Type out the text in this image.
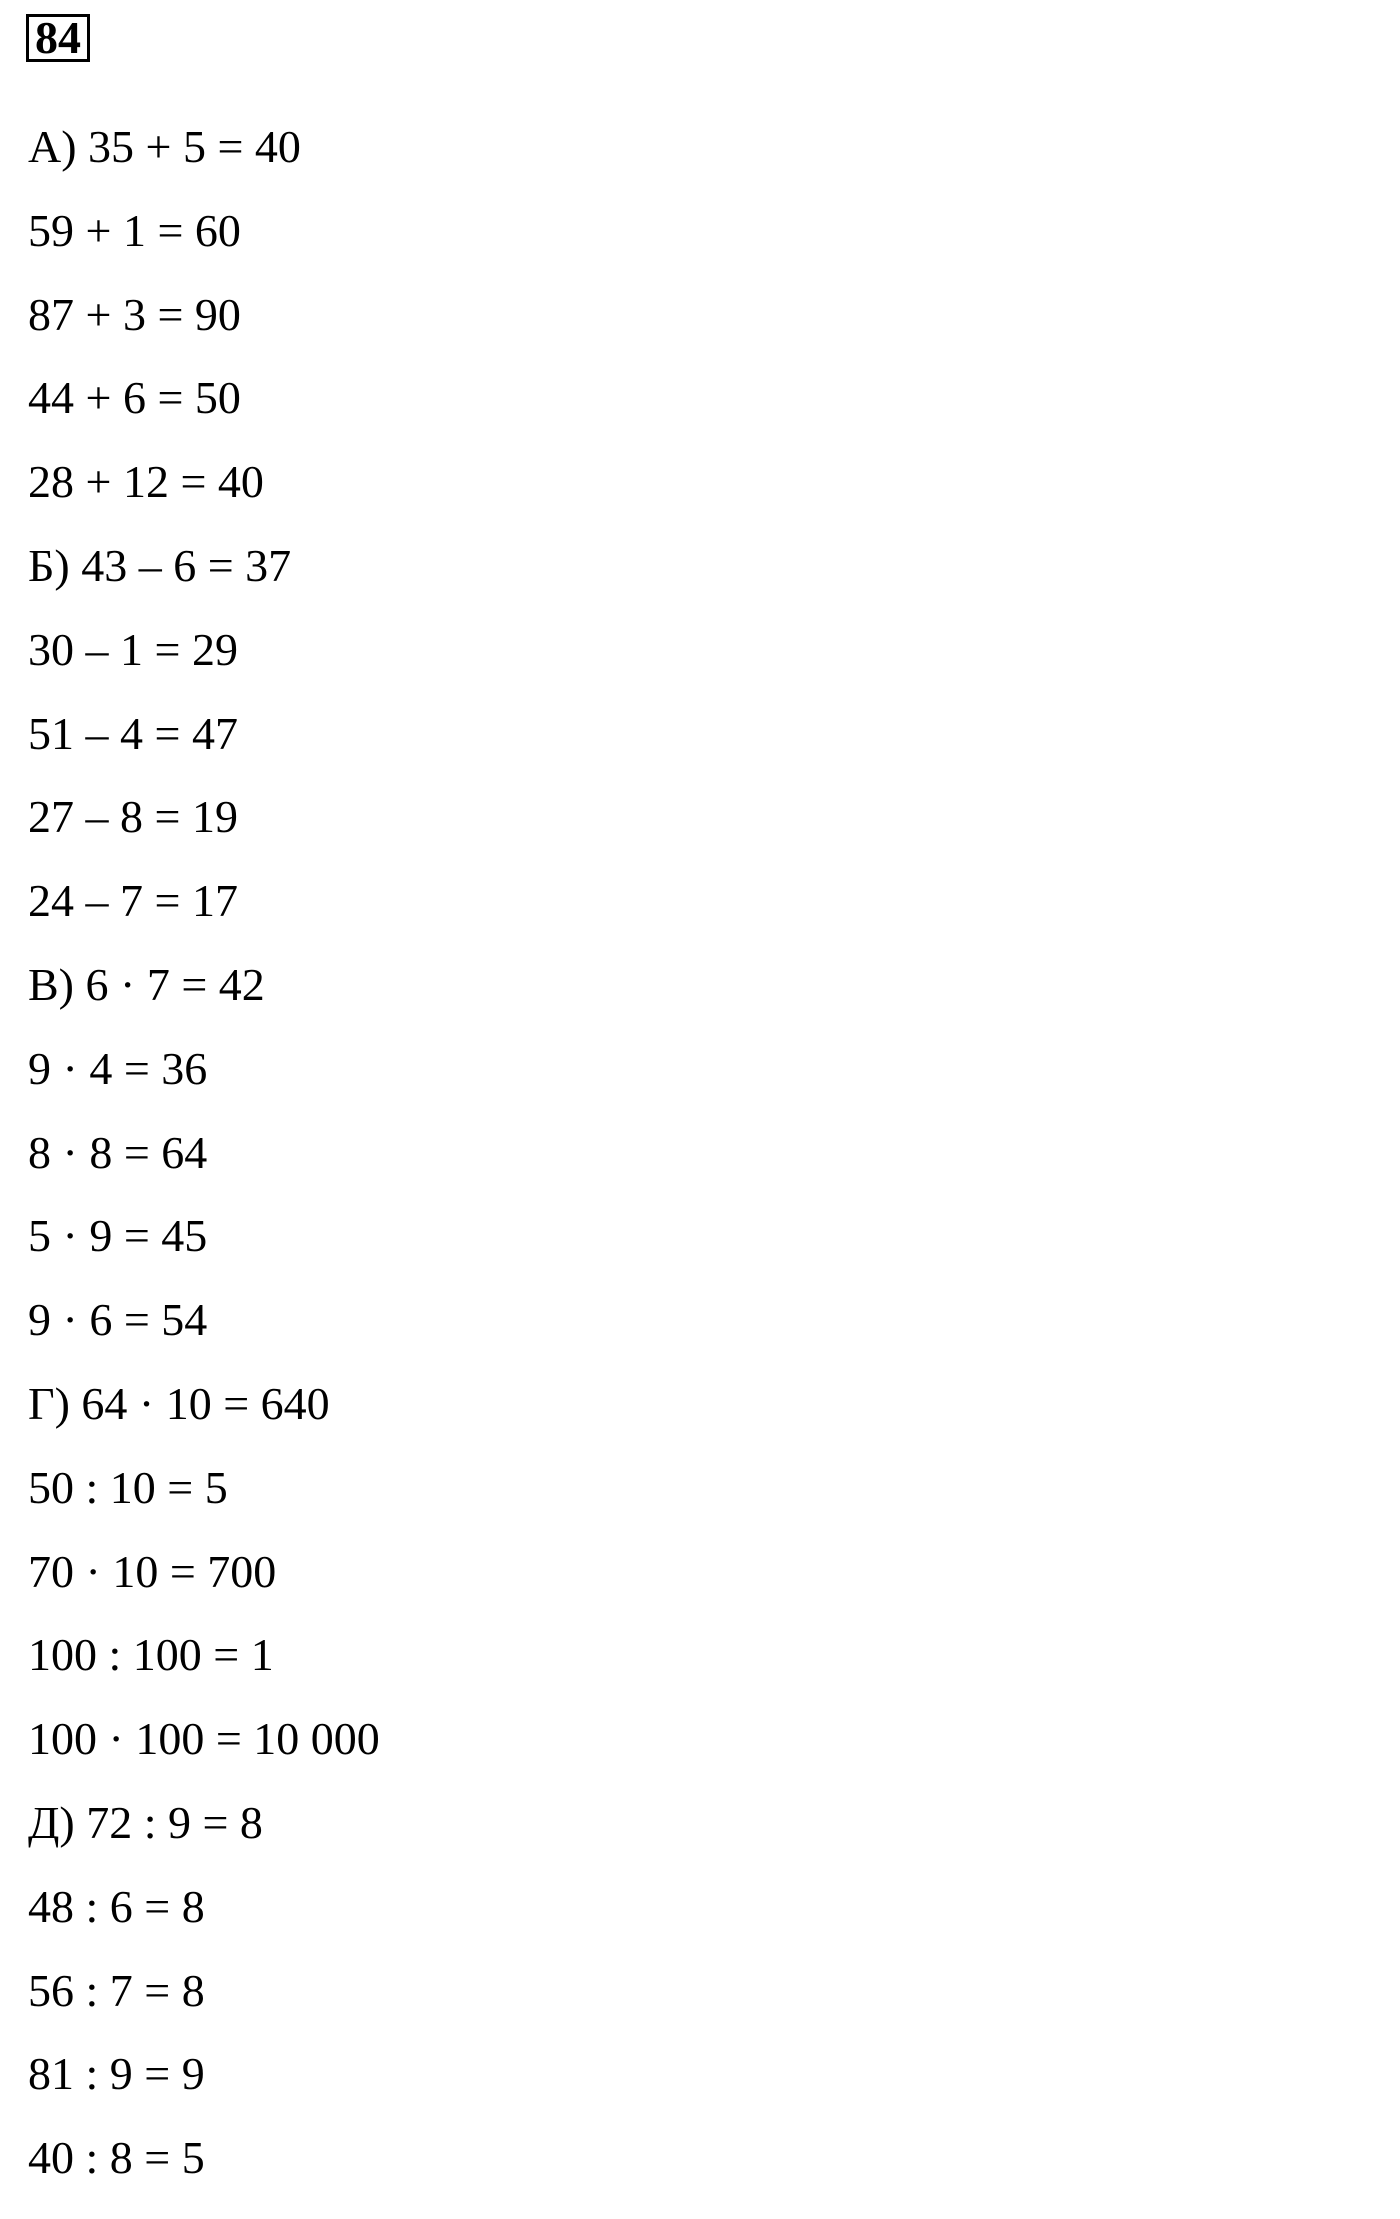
84
А) 35 + 5 = 40
59 + 1 = 60
87 + 3 = 90
44 + 6 = 50
28 + 12 = 40
Б) 43 – 6 = 37
30 – 1 = 29
51 – 4 = 47
27 – 8 = 19
24 – 7 = 17
В) 6 · 7 = 42
9 · 4 = 36
8 · 8 = 64
5 · 9 = 45
9 · 6 = 54
Г) 64 · 10 = 640
50 : 10 = 5
70 · 10 = 700
100 : 100 = 1
100 · 100 = 10 000
Д) 72 : 9 = 8
48 : 6 = 8
56 : 7 = 8
81 : 9 = 9
40 : 8 = 5
